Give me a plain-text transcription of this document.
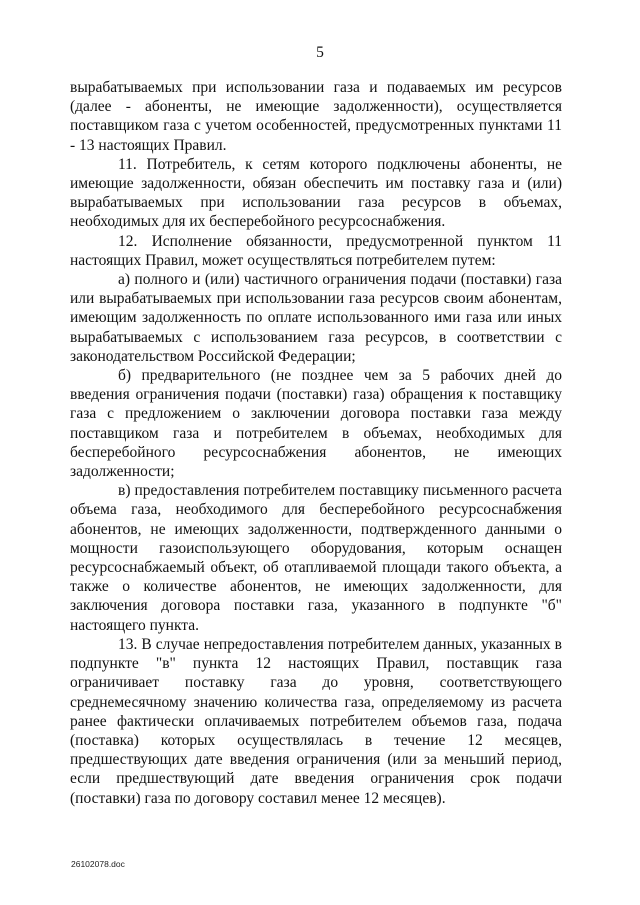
5

вырабатываемых при использовании газа и подаваемых им ресурсов (далее - абоненты, не имеющие задолженности), осуществляется поставщиком газа с учетом особенностей, предусмотренных пунктами 11 - 13 настоящих Правил.

11. Потребитель, к сетям которого подключены абоненты, не имеющие задолженности, обязан обеспечить им поставку газа и (или) вырабатываемых при использовании газа ресурсов в объемах, необходимых для их бесперебойного ресурсоснабжения.

12. Исполнение обязанности, предусмотренной пунктом 11 настоящих Правил, может осуществляться потребителем путем:

а) полного и (или) частичного ограничения подачи (поставки) газа или вырабатываемых при использовании газа ресурсов своим абонентам, имеющим задолженность по оплате использованного ими газа или иных вырабатываемых с использованием газа ресурсов, в соответствии с законодательством Российской Федерации;

б) предварительного (не позднее чем за 5 рабочих дней до введения ограничения подачи (поставки) газа) обращения к поставщику газа с предложением о заключении договора поставки газа между поставщиком газа и потребителем в объемах, необходимых для бесперебойного ресурсоснабжения абонентов, не имеющих задолженности;

в) предоставления потребителем поставщику письменного расчета объема газа, необходимого для бесперебойного ресурсоснабжения абонентов, не имеющих задолженности, подтвержденного данными о мощности газоиспользующего оборудования, которым оснащен ресурсоснабжаемый объект, об отапливаемой площади такого объекта, а также о количестве абонентов, не имеющих задолженности, для заключения договора поставки газа, указанного в подпункте "б" настоящего пункта.

13. В случае непредоставления потребителем данных, указанных в подпункте "в" пункта 12 настоящих Правил, поставщик газа ограничивает поставку газа до уровня, соответствующего среднемесячному значению количества газа, определяемому из расчета ранее фактически оплачиваемых потребителем объемов газа, подача (поставка) которых осуществлялась в течение 12 месяцев, предшествующих дате введения ограничения (или за меньший период, если предшествующий дате введения ограничения срок подачи (поставки) газа по договору составил менее 12 месяцев).

26102078.doc
